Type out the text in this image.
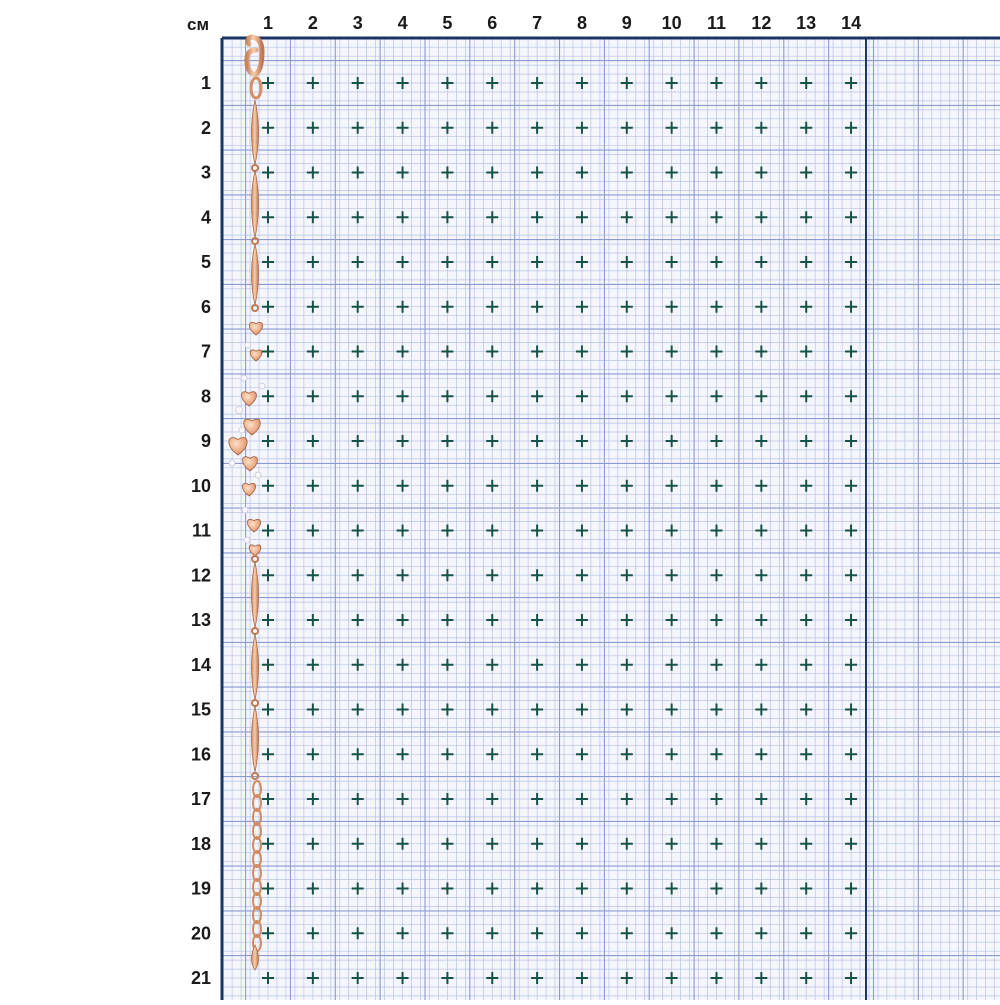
см	1 2 3 4 5 6 7 8 9 10 11 12 13 14
1
2
3
4
5
6
7
8
9
10
11
12
13
14
15
16
17
18
19
20
21
